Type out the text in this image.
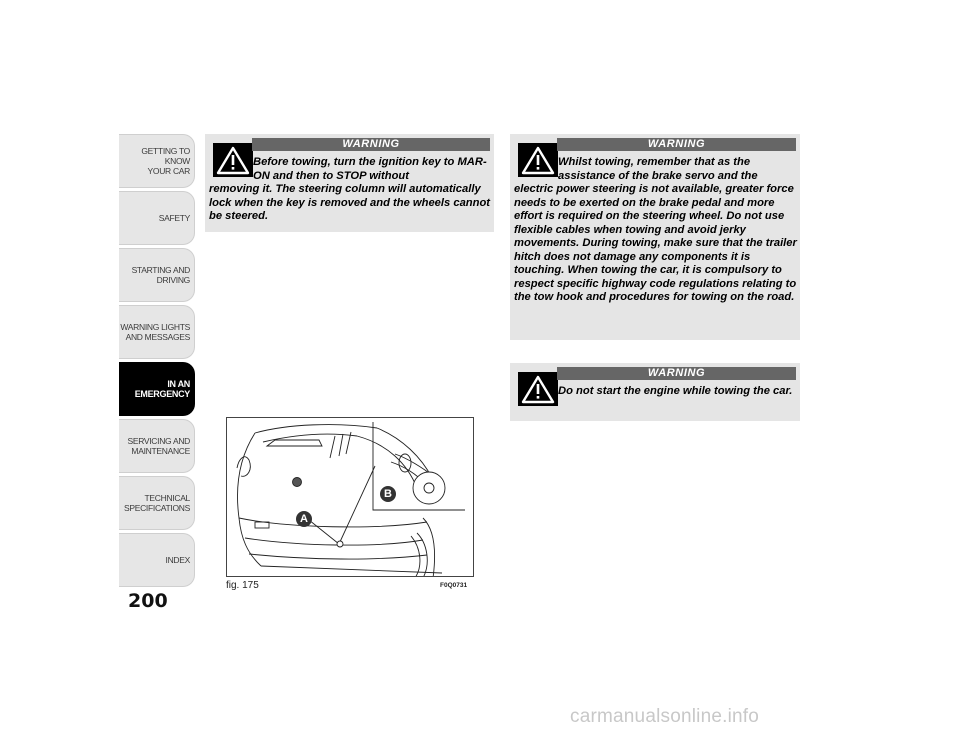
GETTING TO KNOW
YOUR CAR
SAFETY
STARTING AND
DRIVING
WARNING LIGHTS
AND MESSAGES
IN AN
EMERGENCY
SERVICING AND
MAINTENANCE
TECHNICAL
SPECIFICATIONS
INDEX
200
WARNING
Before towing, turn the ignition key to MAR-ON and then to STOP without
removing it. The steering column will automatically lock when the key is removed and the wheels cannot be steered.
WARNING
Whilst towing, remember that as the assistance of the brake servo and the
electric power steering is not available, greater force needs to be exerted on the brake pedal and more effort is required on the steering wheel. Do not use flexible cables when towing and avoid jerky movements. During towing, make sure that the trailer hitch does not damage any components it is touching. When towing the car, it is compulsory to respect specific highway code regulations relating to the tow hook and procedures for towing on the road.
WARNING
Do not start the engine while towing the car.
A
B
fig. 175	F0Q0731
carmanualsonline.info
